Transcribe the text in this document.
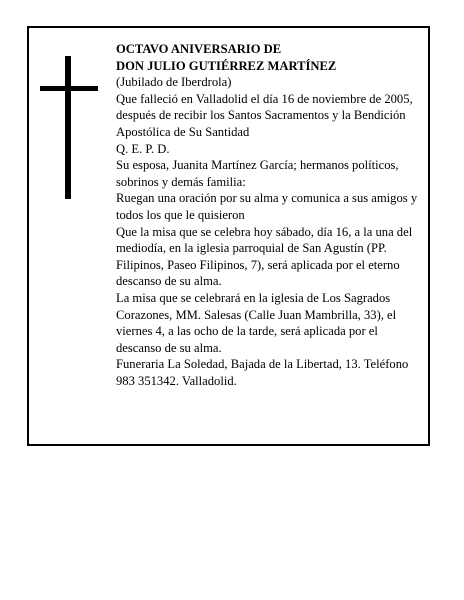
OCTAVO ANIVERSARIO DE

DON JULIO GUTIÉRREZ MARTÍNEZ

(Jubilado de Iberdrola)

Que falleció en Valladolid el día 16 de noviembre de 2005, después de recibir los Santos Sacramentos y la Bendición Apostólica de Su Santidad

Q. E. P. D.

Su esposa, Juanita Martínez García; hermanos políticos, sobrinos y demás familia:

Ruegan una oración por su alma y comunica a sus amigos y todos los que le quisieron

Que la misa que se celebra hoy sábado, día 16, a la una del mediodía, en la iglesia parroquial de San Agustín (PP. Filipinos, Paseo Filipinos, 7), será aplicada por el eterno descanso de su alma.

La misa que se celebrará en la iglesia de Los Sagrados Corazones, MM. Salesas (Calle Juan Mambrilla, 33), el viernes 4, a las ocho de la tarde, será aplicada por el descanso de su alma.

Funeraria La Soledad, Bajada de la Libertad, 13. Teléfono 983 351342. Valladolid.
